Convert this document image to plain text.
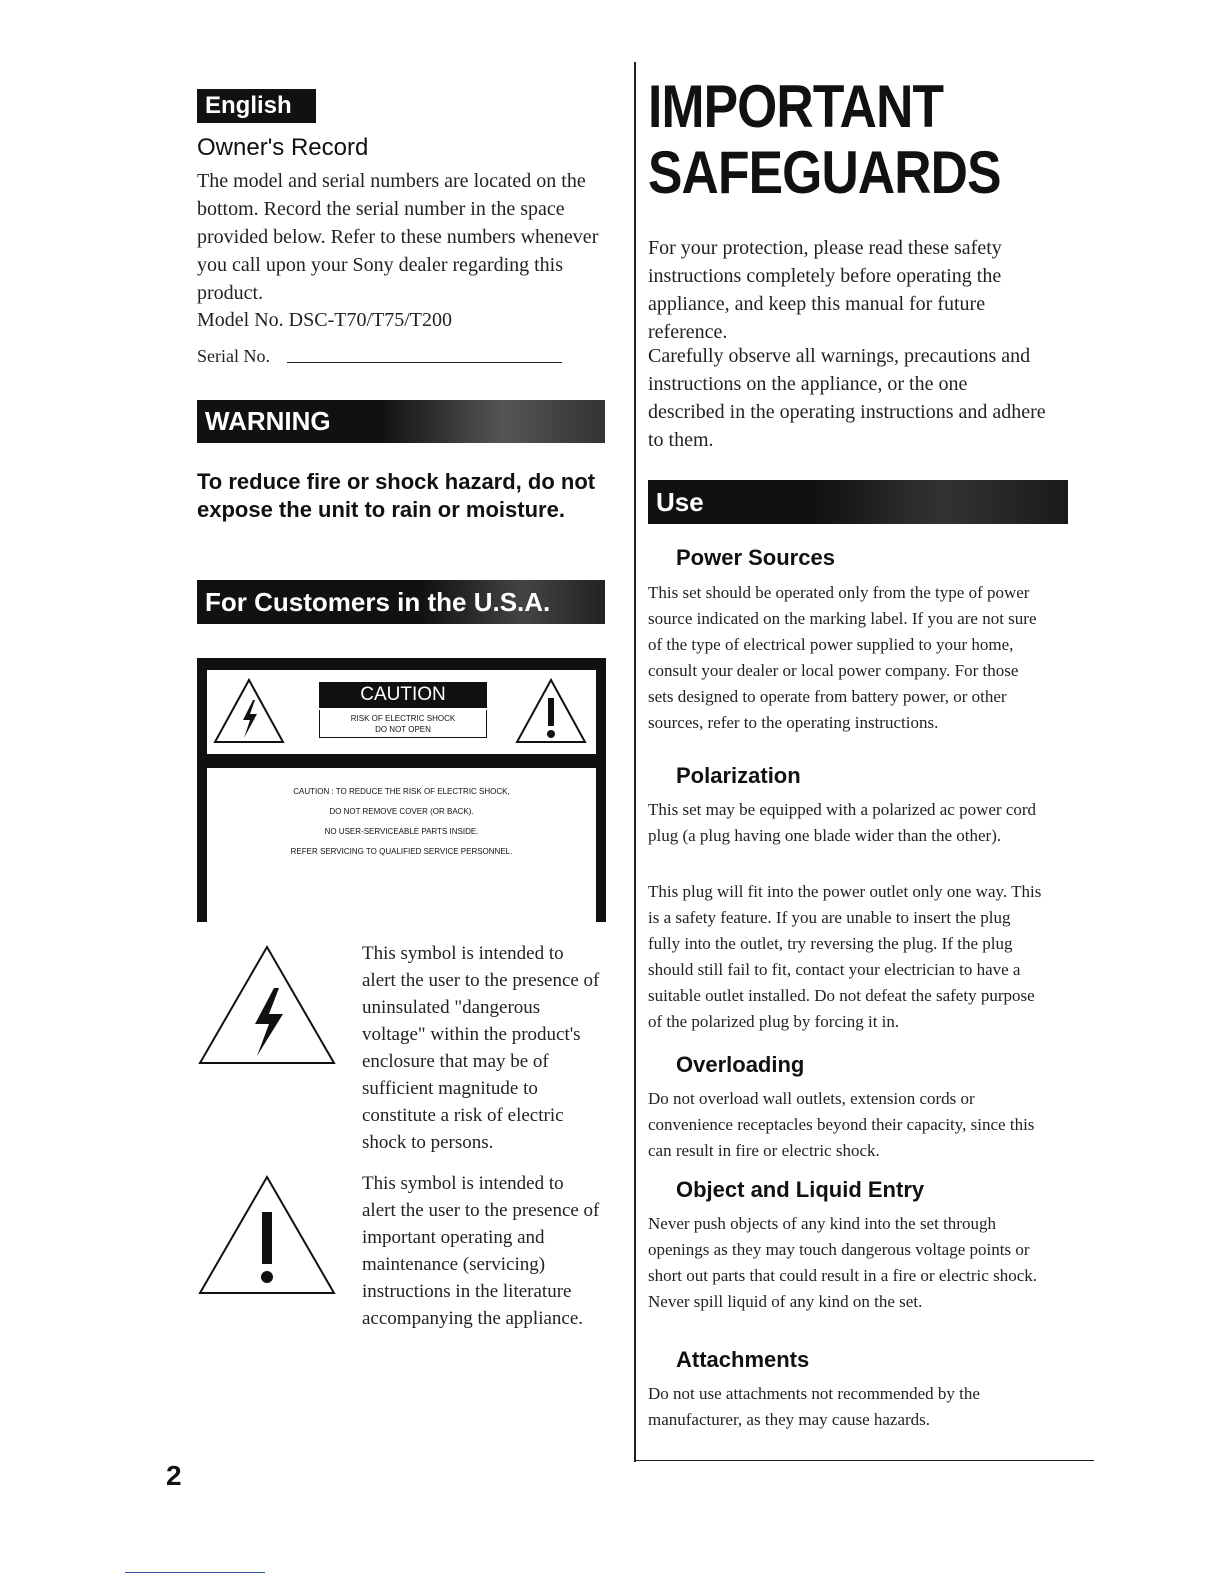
English
Owner's Record
The model and serial numbers are located on the bottom. Record the serial number in the space provided below. Refer to these numbers whenever you call upon your Sony dealer regarding this product.
Model No. DSC-T70/T75/T200
Serial No.
WARNING
To reduce fire or shock hazard, do not expose the unit to rain or moisture.
For Customers in the U.S.A.
CAUTION
RISK OF ELECTRIC SHOCK
DO NOT OPEN
CAUTION : TO REDUCE THE RISK OF ELECTRIC SHOCK,
DO NOT REMOVE COVER (OR BACK).
NO USER-SERVICEABLE PARTS INSIDE.
REFER SERVICING TO QUALIFIED SERVICE PERSONNEL.
This symbol is intended to alert the user to the presence of uninsulated "dangerous voltage" within the product's enclosure that may be of sufficient magnitude to constitute a risk of electric shock to persons.
This symbol is intended to alert the user to the presence of important operating and maintenance (servicing) instructions in the literature accompanying the appliance.
2
IMPORTANT
SAFEGUARDS
For your protection, please read these safety instructions completely before operating the appliance, and keep this manual for future reference.
Carefully observe all warnings, precautions and instructions on the appliance, or the one described in the operating instructions and adhere to them.
Use
Power Sources
This set should be operated only from the type of power source indicated on the marking label. If you are not sure of the type of electrical power supplied to your home, consult your dealer or local power company. For those sets designed to operate from battery power, or other sources, refer to the operating instructions.
Polarization
This set may be equipped with a polarized ac power cord plug (a plug having one blade wider than the other).
This plug will fit into the power outlet only one way. This is a safety feature. If you are unable to insert the plug fully into the outlet, try reversing the plug. If the plug should still fail to fit, contact your electrician to have a suitable outlet installed. Do not defeat the safety purpose of the polarized plug by forcing it in.
Overloading
Do not overload wall outlets, extension cords or convenience receptacles beyond their capacity, since this can result in fire or electric shock.
Object and Liquid Entry
Never push objects of any kind into the set through openings as they may touch dangerous voltage points or short out parts that could result in a fire or electric shock. Never spill liquid of any kind on the set.
Attachments
Do not use attachments not recommended by the manufacturer, as they may cause hazards.
